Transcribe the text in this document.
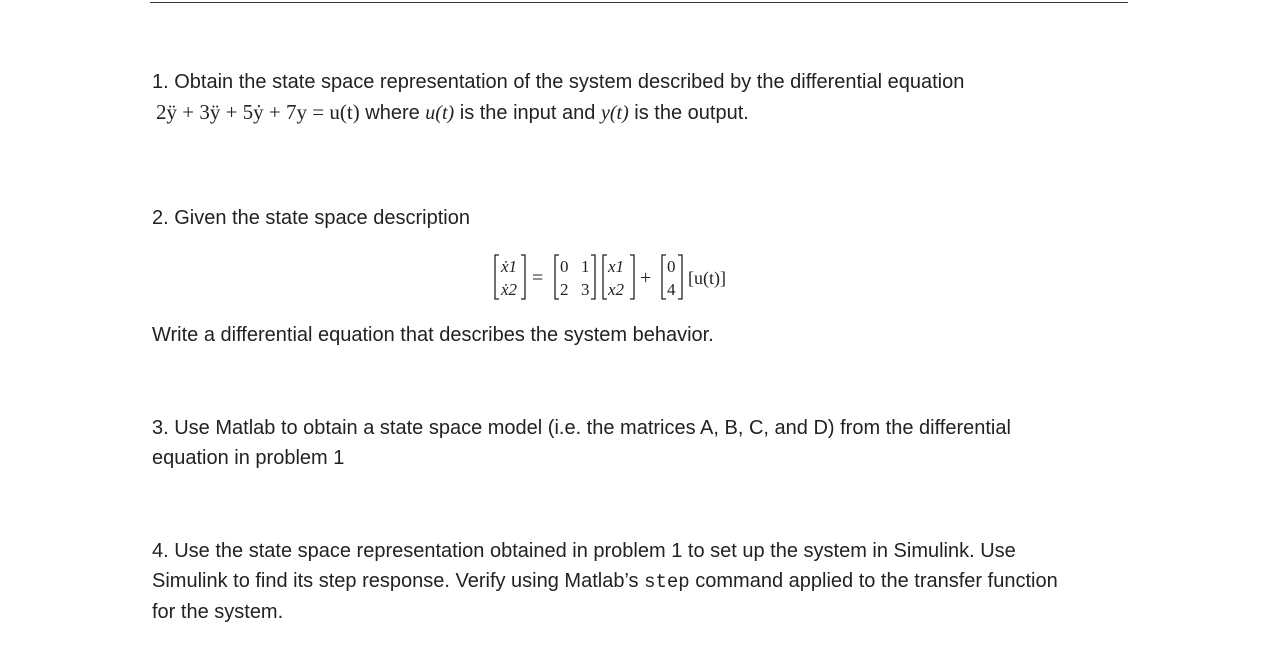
1. Obtain the state space representation of the system described by the differential equation
2ÿ + 3ÿ + 5ẏ + 7y = u(t) where u(t) is the input and y(t) is the output.
2. Given the state space description
ẋ1
ẋ2
=
0 1
2 3
x1
x2
+
0
4
[u(t)]
Write a differential equation that describes the system behavior.
3. Use Matlab to obtain a state space model (i.e. the matrices A, B, C, and D) from the differential
equation in problem 1
4. Use the state space representation obtained in problem 1 to set up the system in Simulink. Use
Simulink to find its step response. Verify using Matlab’s step command applied to the transfer function
for the system.
